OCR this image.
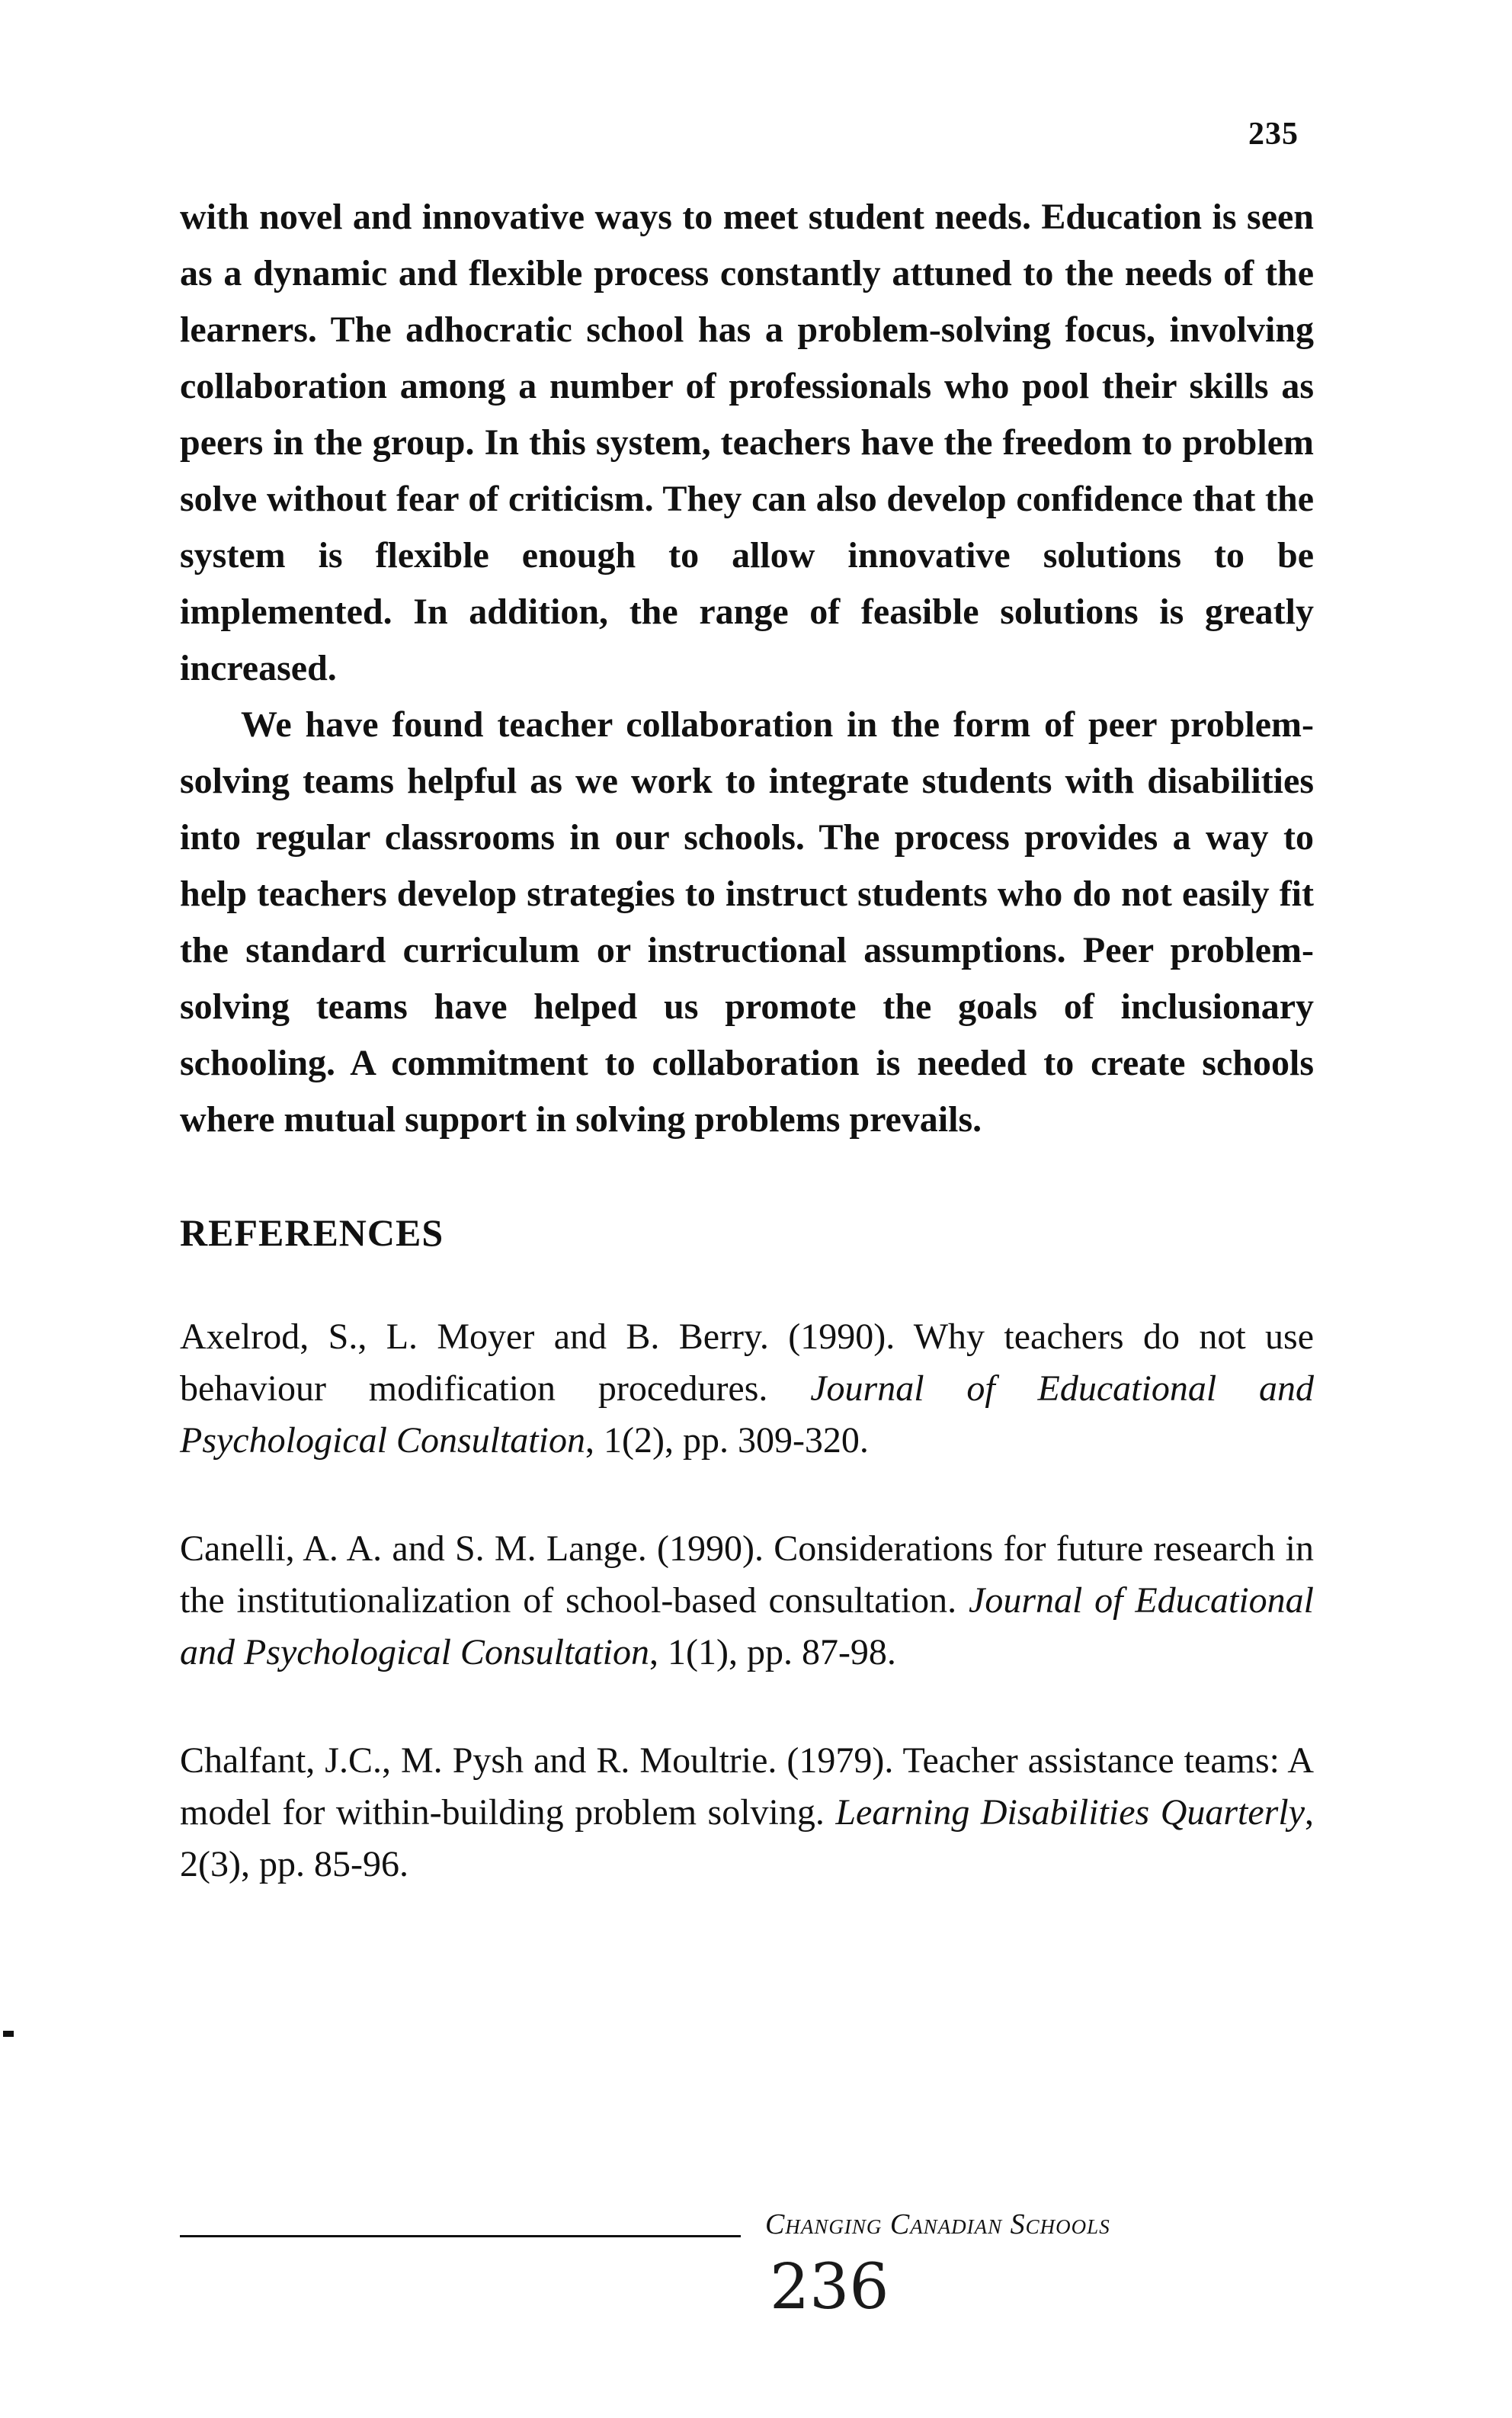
235

with novel and innovative ways to meet student needs. Education is seen as a dynamic and flexible process constantly attuned to the needs of the learners. The adhocratic school has a problem-solving focus, involving collaboration among a number of professionals who pool their skills as peers in the group. In this system, teachers have the freedom to problem solve without fear of criticism. They can also develop confidence that the system is flexible enough to allow innovative solutions to be implemented. In addition, the range of feasible solutions is greatly increased.

We have found teacher collaboration in the form of peer problem-solving teams helpful as we work to integrate students with disabilities into regular classrooms in our schools. The process provides a way to help teachers develop strategies to instruct students who do not easily fit the standard curriculum or instructional assumptions. Peer problem-solving teams have helped us promote the goals of inclusionary schooling. A commitment to collaboration is needed to create schools where mutual support in solving problems prevails.

REFERENCES

Axelrod, S., L. Moyer and B. Berry. (1990). Why teachers do not use behaviour modification procedures. Journal of Educational and Psychological Consultation, 1(2), pp. 309-320.

Canelli, A. A. and S. M. Lange. (1990). Considerations for future research in the institutionalization of school-based consultation. Journal of Educational and Psychological Consultation, 1(1), pp. 87-98.

Chalfant, J.C., M. Pysh and R. Moultrie. (1979). Teacher assistance teams: A model for within-building problem solving. Learning Disabilities Quarterly, 2(3), pp. 85-96.

Changing Canadian Schools
236
